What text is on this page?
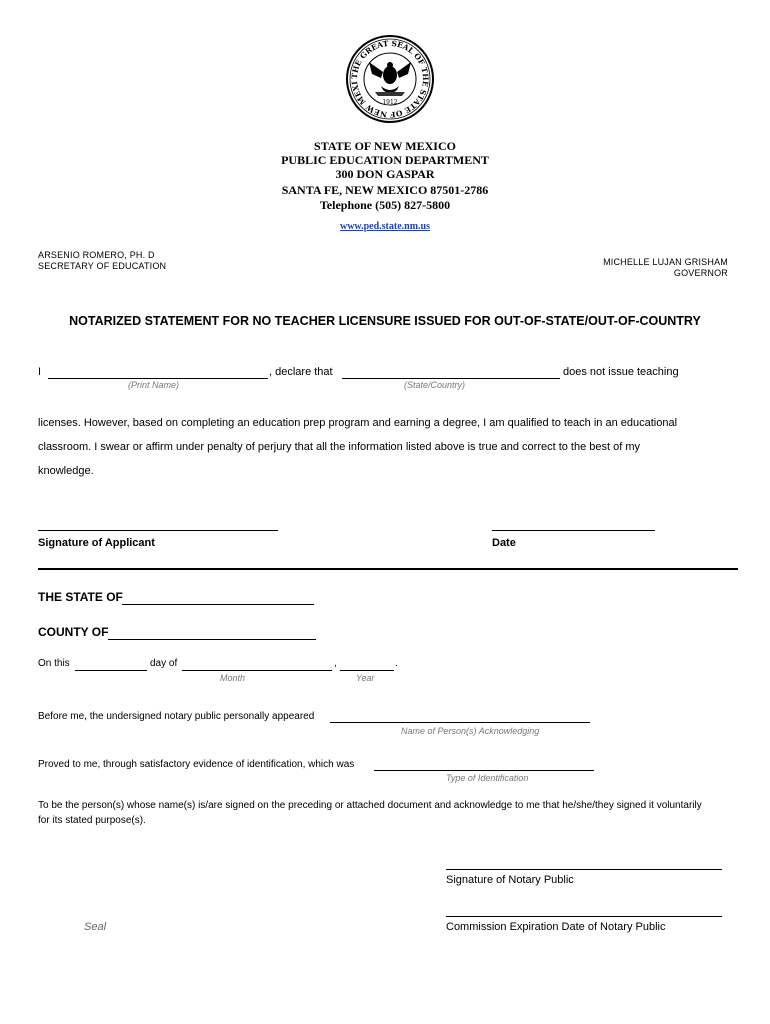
THE GREAT SEAL OF THE STATE OF NEW MEXI
1912
STATE OF NEW MEXICO
PUBLIC EDUCATION DEPARTMENT
300 DON GASPAR
SANTA FE, NEW MEXICO 87501-2786
Telephone (505) 827-5800
www.ped.state.nm.us
ARSENIO ROMERO, PH. D
SECRETARY OF EDUCATION	MICHELLE LUJAN GRISHAM
GOVERNOR
NOTARIZED STATEMENT FOR NO TEACHER LICENSURE ISSUED FOR OUT-OF-STATE/OUT-OF-COUNTRY
I	, declare that	does not issue teaching
(Print Name)	(State/Country)
licenses. However, based on completing an education prep program and earning a degree, I am qualified to teach in an educational
classroom. I swear or affirm under penalty of perjury that all the information listed above is true and correct to the best of my
knowledge.
Signature of Applicant	Date
THE STATE OF
COUNTY OF
On this	day of	,	.
Month	Year
Before me, the undersigned notary public personally appeared
Name of Person(s) Acknowledging
Proved to me, through satisfactory evidence of identification, which was
Type of Identification
To be the person(s) whose name(s) is/are signed on the preceding or attached document and acknowledge to me that he/she/they signed it voluntarily
for its stated purpose(s).
Signature of Notary Public
Seal	Commission Expiration Date of Notary Public
